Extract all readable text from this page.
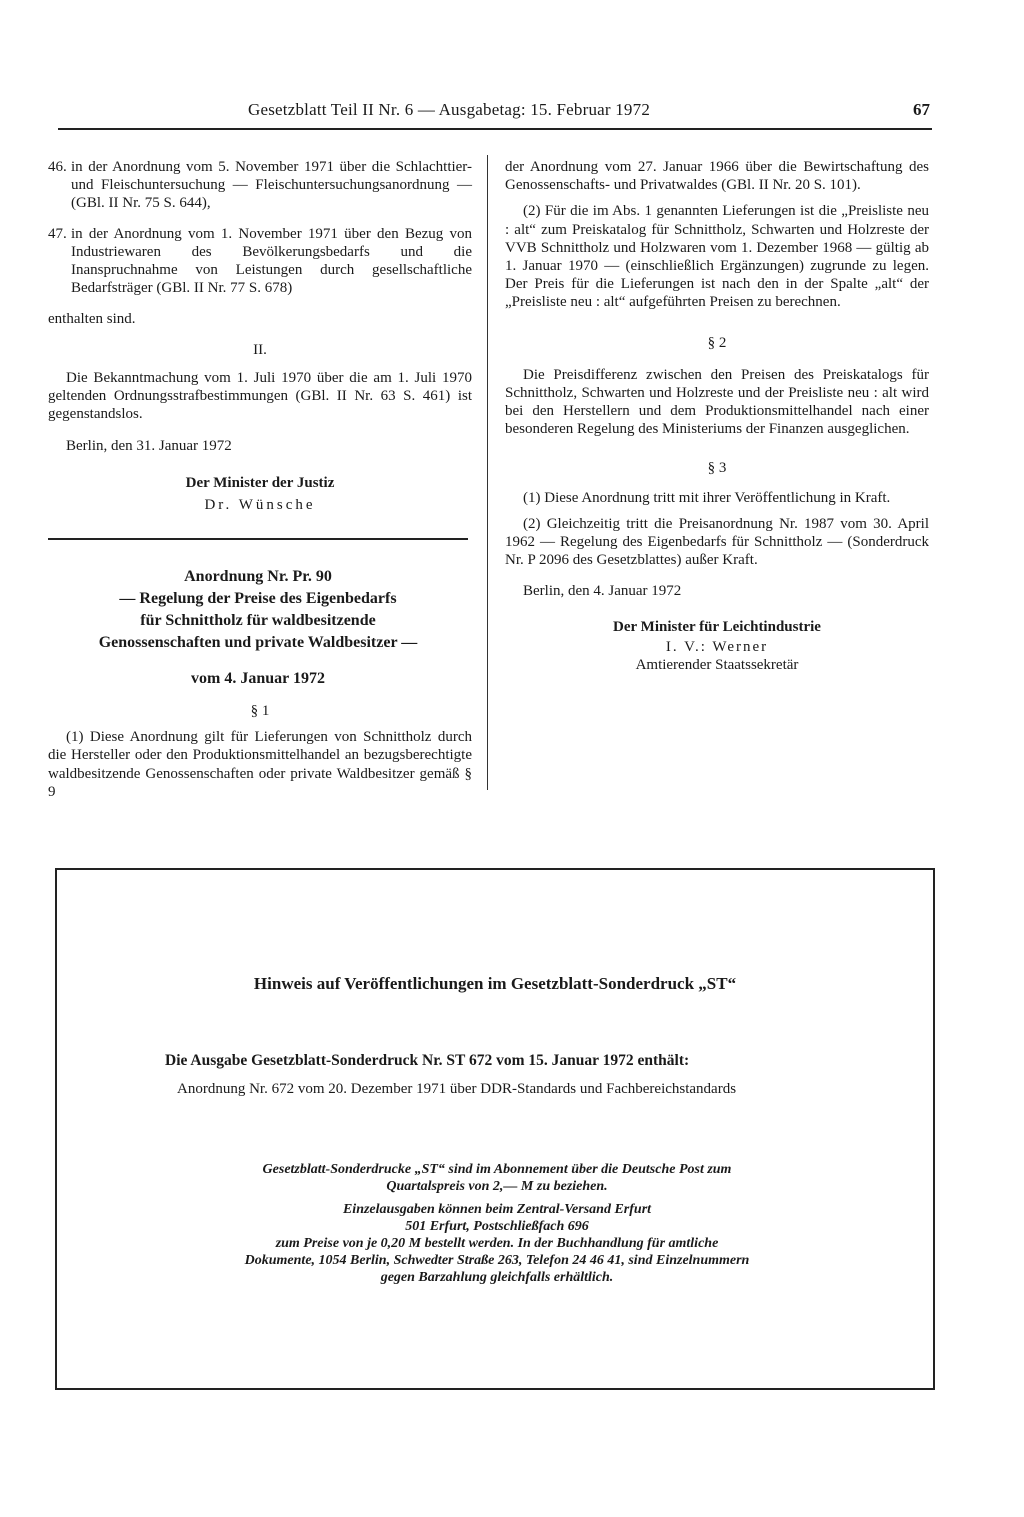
Gesetzblatt Teil II Nr. 6 — Ausgabetag: 15. Februar 1972	67
46. in der Anordnung vom 5. November 1971 über die Schlachttier- und Fleischuntersuchung — Fleischuntersuchungsanordnung — (GBl. II Nr. 75 S. 644),
47. in der Anordnung vom 1. November 1971 über den Bezug von Industriewaren des Bevölkerungsbedarfs und die Inanspruchnahme von Leistungen durch gesellschaftliche Bedarfsträger (GBl. II Nr. 77 S. 678)

enthalten sind.

II.

Die Bekanntmachung vom 1. Juli 1970 über die am 1. Juli 1970 geltenden Ordnungsstrafbestimmungen (GBl. II Nr. 63 S. 461) ist gegenstandslos.

Berlin, den 31. Januar 1972

Der Minister der Justiz

Dr. Wünsche

Anordnung Nr. Pr. 90
— Regelung der Preise des Eigenbedarfs
für Schnittholz für waldbesitzende
Genossenschaften und private Waldbesitzer —
vom 4. Januar 1972

§ 1

(1) Diese Anordnung gilt für Lieferungen von Schnittholz durch die Hersteller oder den Produktionsmittelhandel an bezugsberechtigte waldbesitzende Genossenschaften oder private Waldbesitzer gemäß § 9

der Anordnung vom 27. Januar 1966 über die Bewirtschaftung des Genossenschafts- und Privatwaldes (GBl. II Nr. 20 S. 101).

(2) Für die im Abs. 1 genannten Lieferungen ist die „Preisliste neu : alt“ zum Preiskatalog für Schnittholz, Schwarten und Holzreste der VVB Schnittholz und Holzwaren vom 1. Dezember 1968 — gültig ab 1. Januar 1970 — (einschließlich Ergänzungen) zugrunde zu legen. Der Preis für die Lieferungen ist nach den in der Spalte „alt“ der „Preisliste neu : alt“ aufgeführten Preisen zu berechnen.

§ 2

Die Preisdifferenz zwischen den Preisen des Preiskatalogs für Schnittholz, Schwarten und Holzreste und der Preisliste neu : alt wird bei den Herstellern und dem Produktionsmittelhandel nach einer besonderen Regelung des Ministeriums der Finanzen ausgeglichen.

§ 3

(1) Diese Anordnung tritt mit ihrer Veröffentlichung in Kraft.

(2) Gleichzeitig tritt die Preisanordnung Nr. 1987 vom 30. April 1962 — Regelung des Eigenbedarfs für Schnittholz — (Sonderdruck Nr. P 2096 des Gesetzblattes) außer Kraft.

Berlin, den 4. Januar 1972

Der Minister für Leichtindustrie

I. V.: Werner

Amtierender Staatssekretär

Hinweis auf Veröffentlichungen im Gesetzblatt-Sonderdruck „ST“
Die Ausgabe Gesetzblatt-Sonderdruck Nr. ST 672 vom 15. Januar 1972 enthält:
Anordnung Nr. 672 vom 20. Dezember 1971 über DDR-Standards und Fachbereichstandards
Gesetzblatt-Sonderdrucke „ST“ sind im Abonnement über die Deutsche Post zum
Quartalspreis von 2,— M zu beziehen.
Einzelausgaben können beim Zentral-Versand Erfurt
501 Erfurt, Postschließfach 696
zum Preise von je 0,20 M bestellt werden. In der Buchhandlung für amtliche
Dokumente, 1054 Berlin, Schwedter Straße 263, Telefon 24 46 41, sind Einzelnummern
gegen Barzahlung gleichfalls erhältlich.
